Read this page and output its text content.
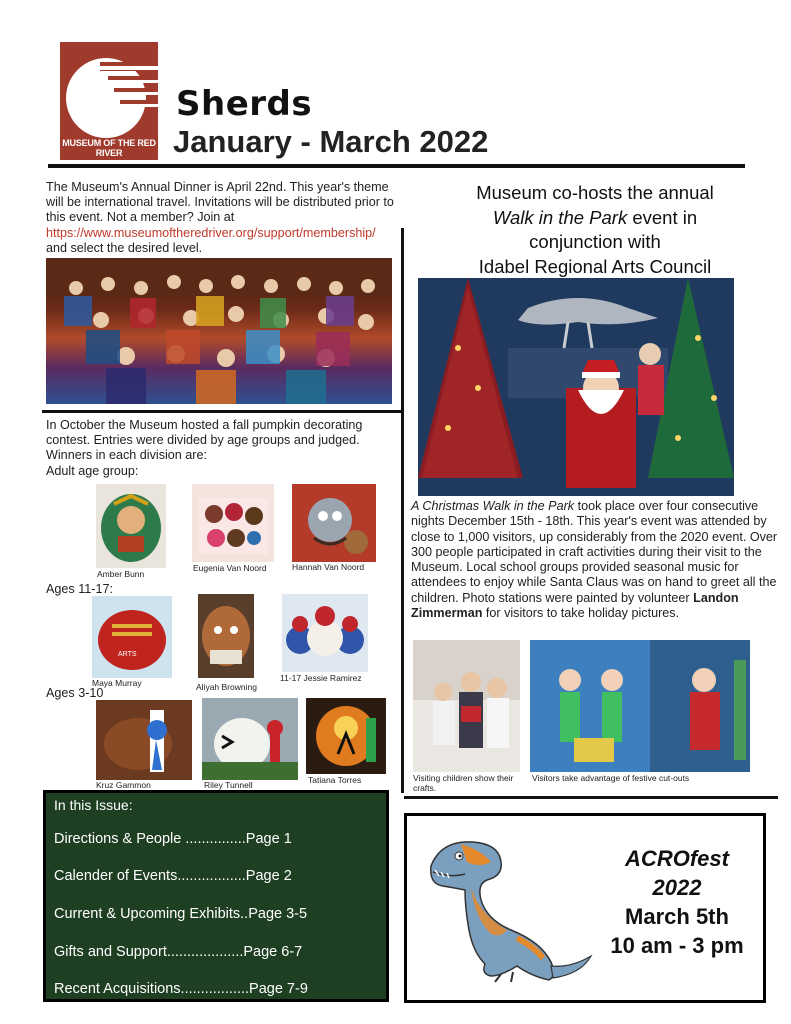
MUSEUM OF THE RED RIVER
Sherds
January - March 2022
The Museum's Annual Dinner is April 22nd. This year's theme will be international travel. Invitations will be distributed prior to this event. Not a member? Join at https://www.museumoftheredriver.org/support/membership/ and select the desired level.
In October the Museum hosted a fall pumpkin decorating contest. Entries were divided by age groups and judged. Winners in each division are:
Adult age group:
Amber Bunn
Eugenia Van Noord	Hannah Van Noord
Ages 11-17:
ARTS
Maya Murray	Aliyah Browning
11-17 Jessie Ramirez
Ages 3-10
Kruz Gammon	Riley Tunnell	Tatiana Torres
In this Issue:
Directions & People ...............Page 1
Calender of Events.................Page 2
Current & Upcoming Exhibits..Page 3-5
Gifts and Support...................Page 6-7
Recent Acquisitions.................Page 7-9
Museum co-hosts the annual
Walk in the Park event in
conjunction with
Idabel Regional Arts Council
A Christmas Walk in the Park took place over four consecutive nights December 15th - 18th. This year's event was attended by close to 1,000 visitors, up considerably from the 2020 event. Over 300 people participated in craft activities during their visit to the Museum. Local school groups provided seasonal music for attendees to enjoy while Santa Claus was on hand to greet all the children. Photo stations were painted by volunteer Landon Zimmerman for visitors to take holiday pictures.
Visiting children show their crafts.
Visitors take advantage of festive cut-outs
ACROfest
2022
March 5th
10 am - 3 pm
